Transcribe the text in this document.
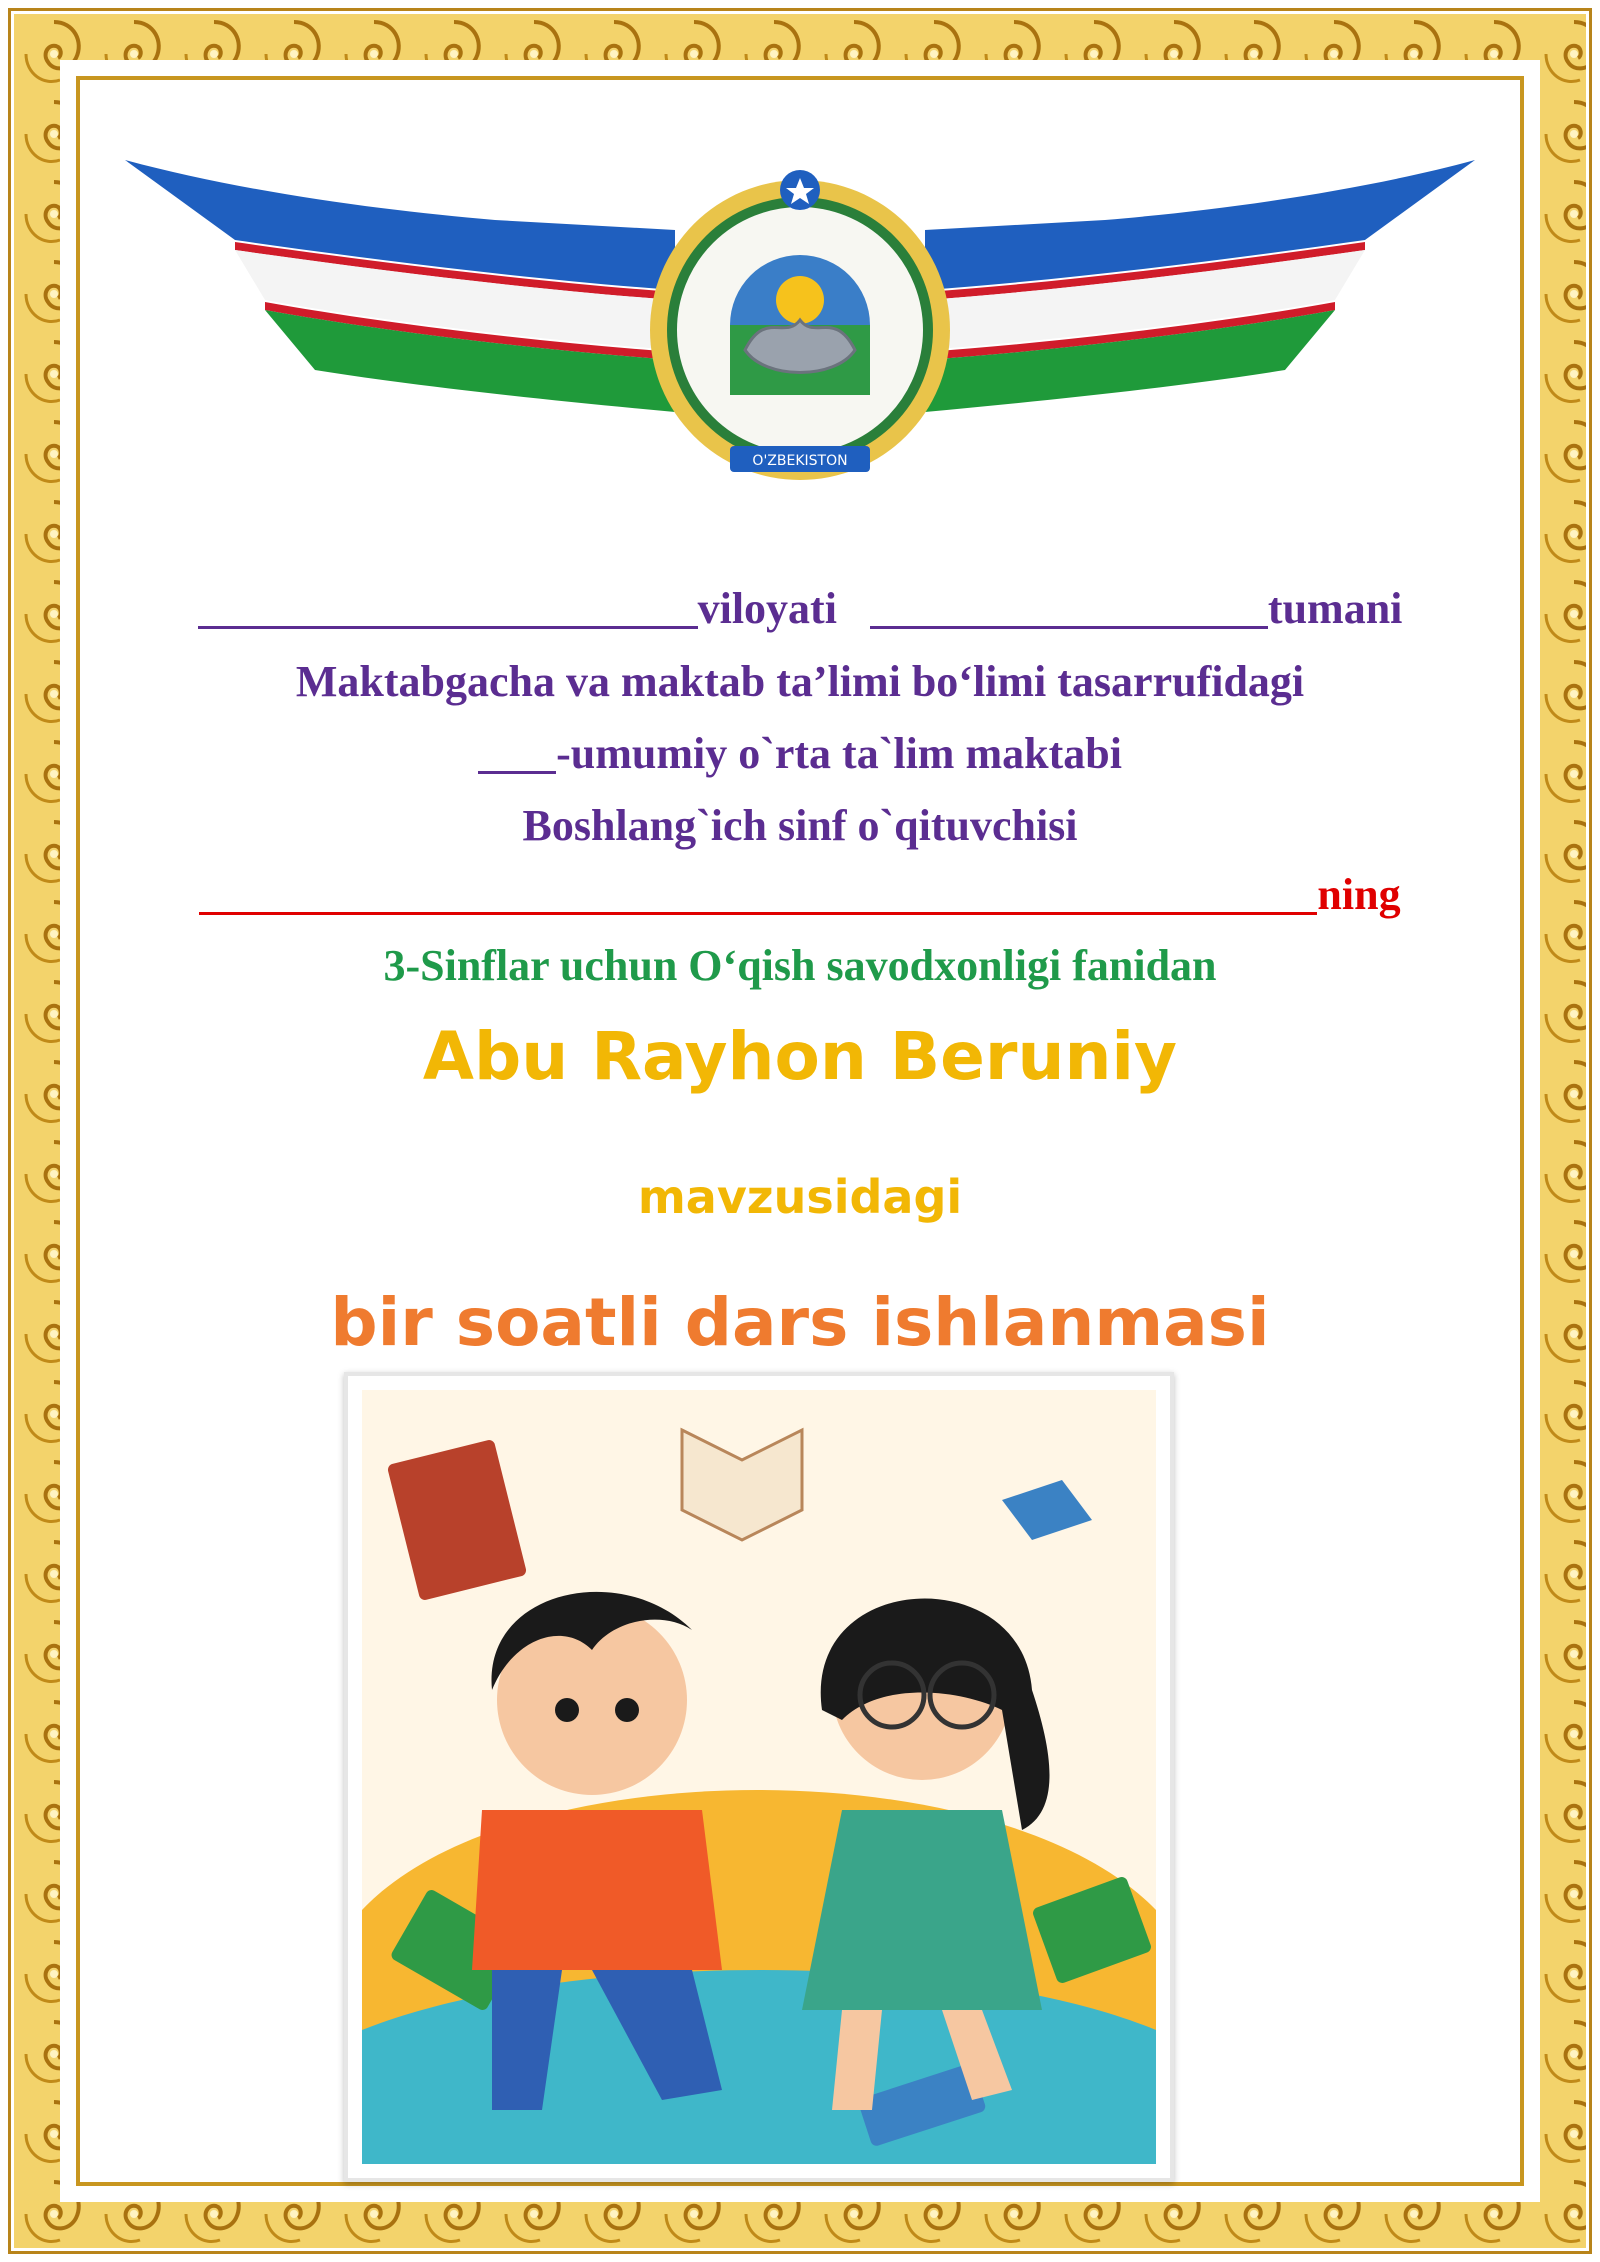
O'ZBEKISTON
viloyati	tumani
Maktabgacha va maktab ta’limi bo‘limi tasarrufidagi
-umumiy o`rta ta`lim maktabi
Boshlang`ich sinf o`qituvchisi
ning
3-Sinflar uchun O‘qish savodxonligi fanidan
Abu Rayhon Beruniy
mavzusidagi
bir soatli dars ishlanmasi
